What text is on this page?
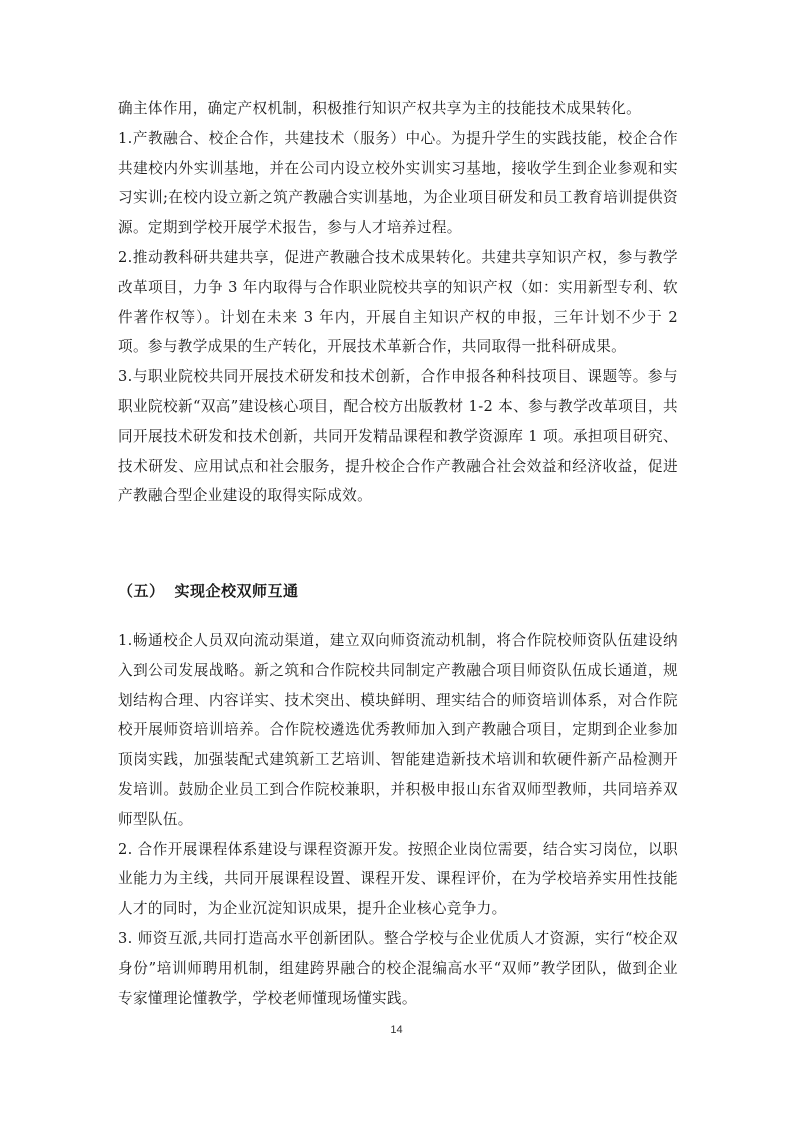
确主体作用，确定产权机制，积极推行知识产权共享为主的技能技术成果转化。

1.产教融合、校企合作，共建技术（服务）中心。为提升学生的实践技能，校企合作共建校内外实训基地，并在公司内设立校外实训实习基地，接收学生到企业参观和实习实训;在校内设立新之筑产教融合实训基地，为企业项目研发和员工教育培训提供资源。定期到学校开展学术报告，参与人才培养过程。

2.推动教科研共建共享，促进产教融合技术成果转化。共建共享知识产权，参与教学改革项目，力争 3 年内取得与合作职业院校共享的知识产权（如：实用新型专利、软件著作权等）。计划在未来 3 年内，开展自主知识产权的申报，三年计划不少于 2 项。参与教学成果的生产转化，开展技术革新合作，共同取得一批科研成果。

3.与职业院校共同开展技术研发和技术创新，合作申报各种科技项目、课题等。参与职业院校新“双高”建设核心项目，配合校方出版教材 1-2 本、参与教学改革项目，共同开展技术研发和技术创新，共同开发精品课程和教学资源库 1 项。承担项目研究、技术研发、应用试点和社会服务，提升校企合作产教融合社会效益和经济收益，促进产教融合型企业建设的取得实际成效。

（五） 实现企校双师互通

1.畅通校企人员双向流动渠道，建立双向师资流动机制，将合作院校师资队伍建设纳入到公司发展战略。新之筑和合作院校共同制定产教融合项目师资队伍成长通道，规划结构合理、内容详实、技术突出、模块鲜明、理实结合的师资培训体系，对合作院校开展师资培训培养。合作院校遴选优秀教师加入到产教融合项目，定期到企业参加顶岗实践，加强装配式建筑新工艺培训、智能建造新技术培训和软硬件新产品检测开发培训。鼓励企业员工到合作院校兼职，并积极申报山东省双师型教师，共同培养双师型队伍。

2. 合作开展课程体系建设与课程资源开发。按照企业岗位需要，结合实习岗位，以职业能力为主线，共同开展课程设置、课程开发、课程评价，在为学校培养实用性技能人才的同时，为企业沉淀知识成果，提升企业核心竞争力。

3. 师资互派,共同打造高水平创新团队。整合学校与企业优质人才资源，实行“校企双身份”培训师聘用机制，组建跨界融合的校企混编高水平“双师”教学团队，做到企业专家懂理论懂教学，学校老师懂现场懂实践。

14
